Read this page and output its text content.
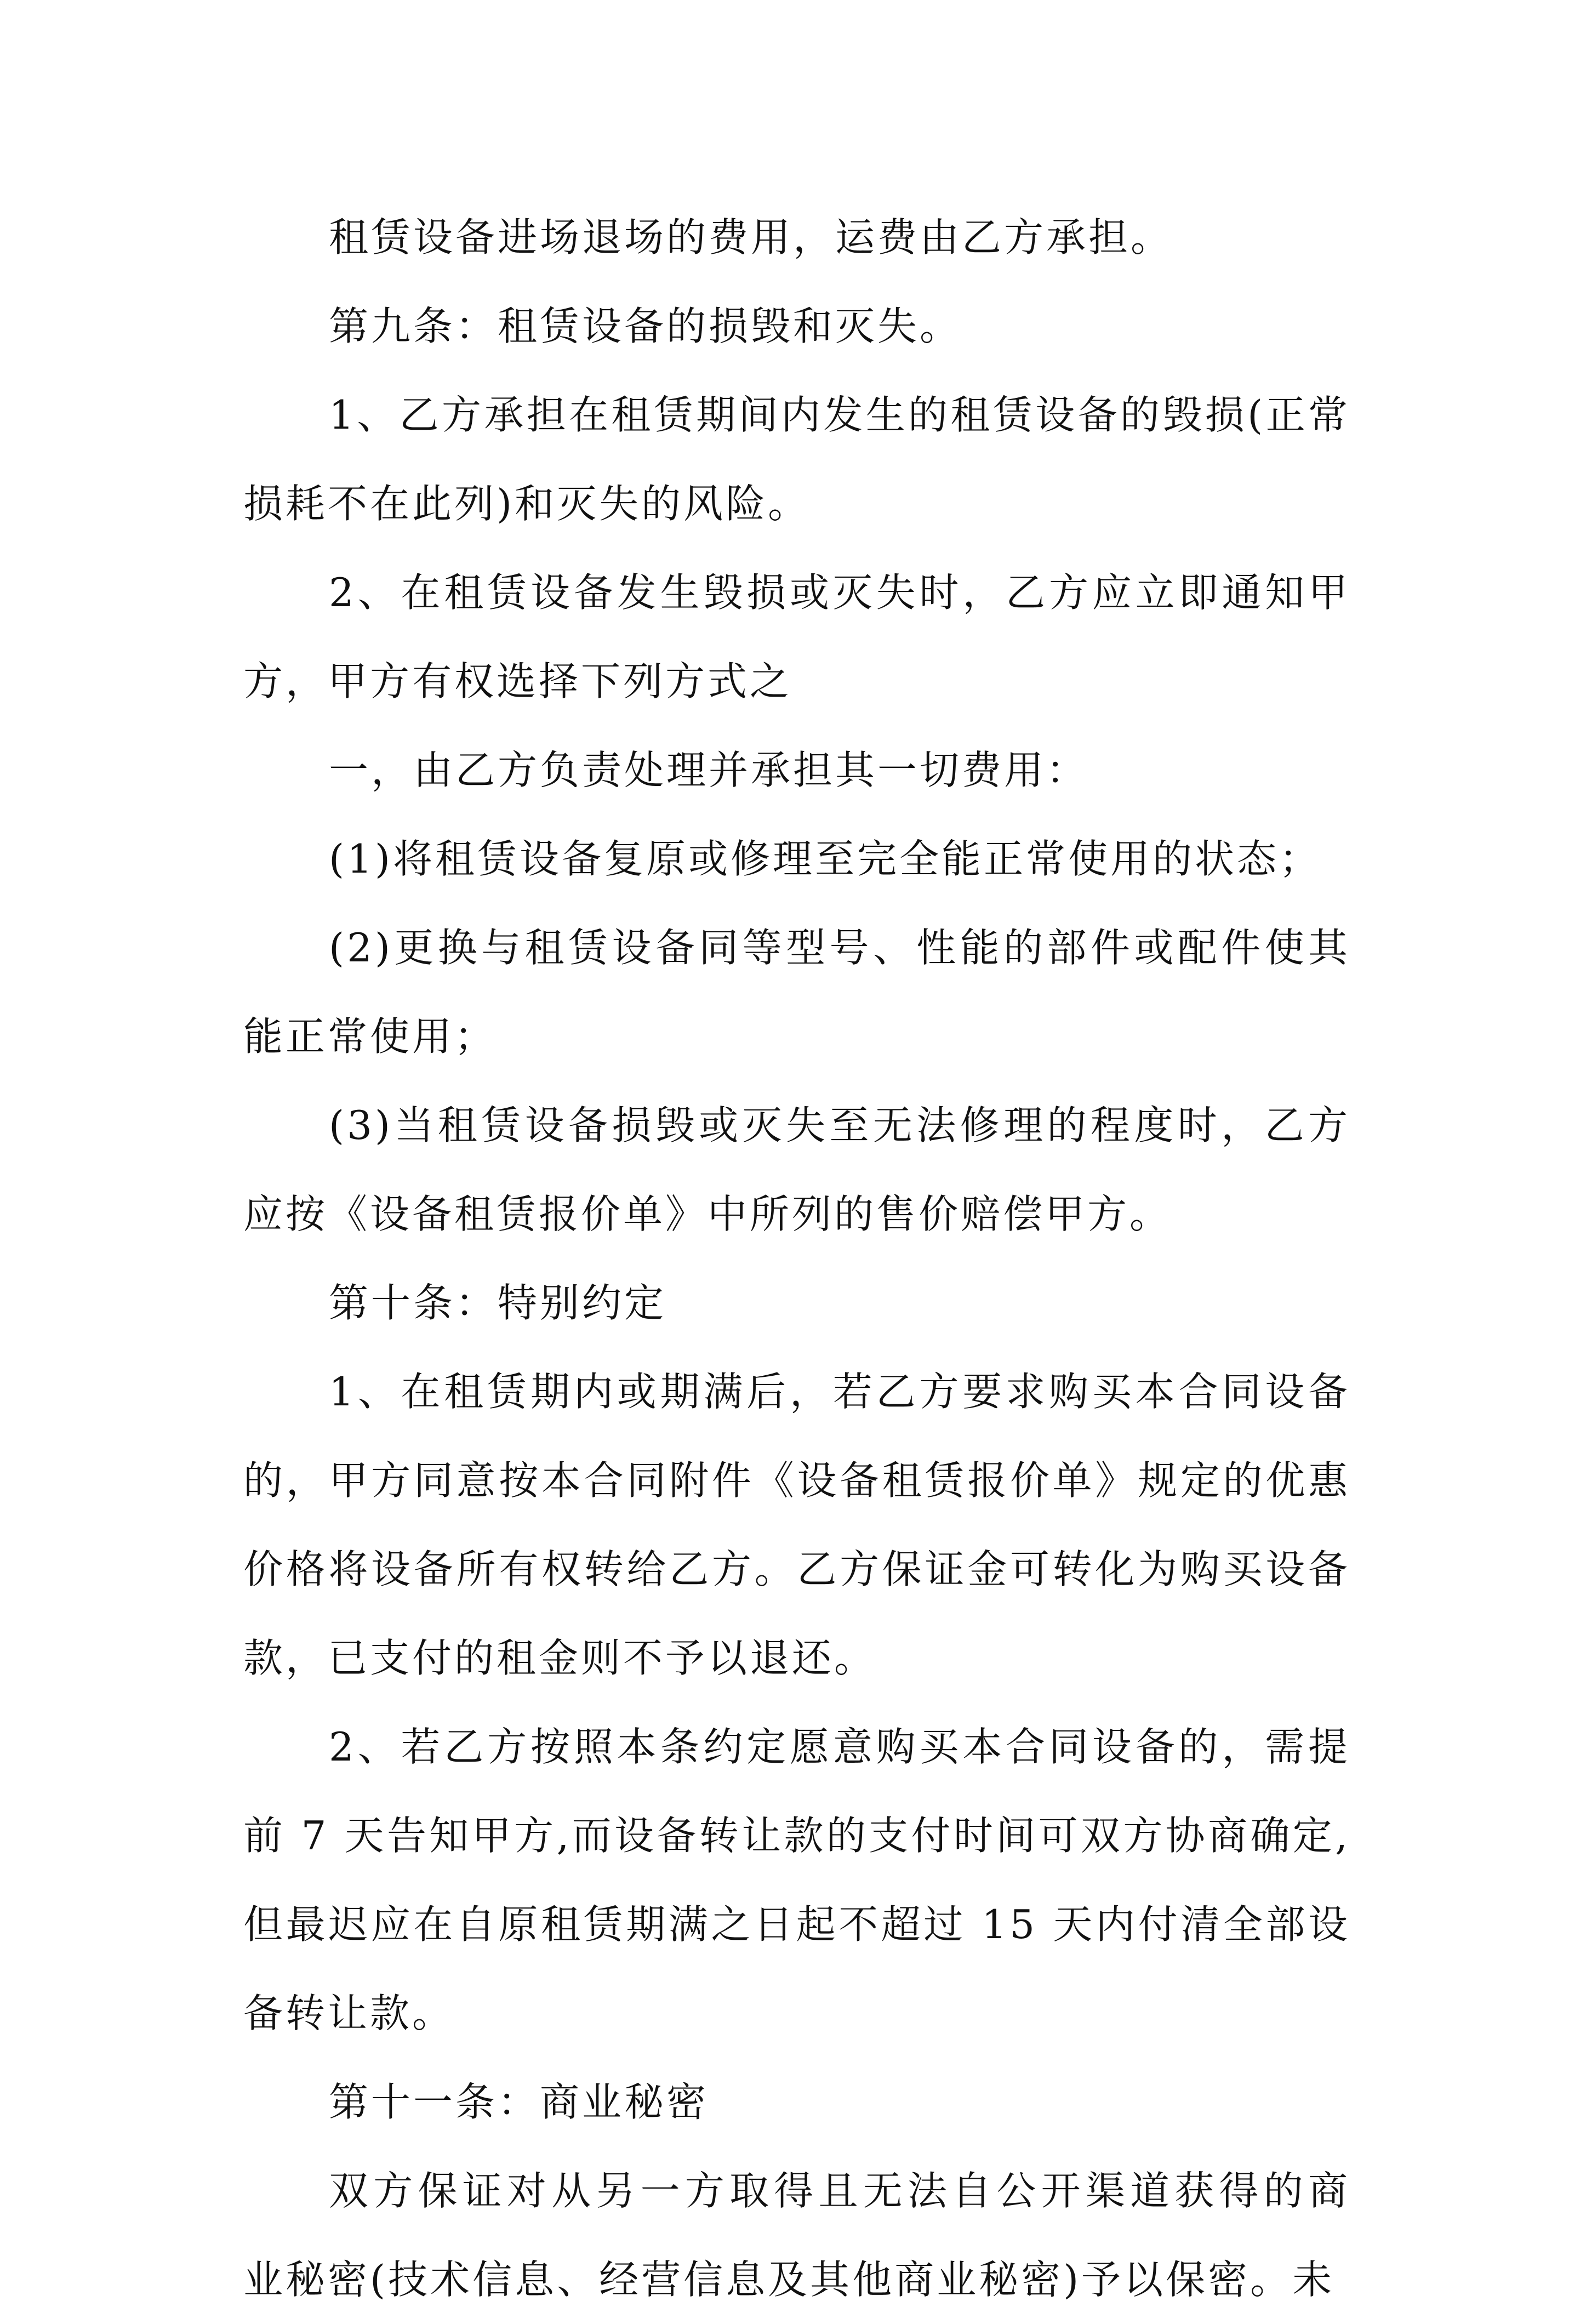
租赁设备进场退场的费用，运费由乙方承担。

第九条：租赁设备的损毁和灭失。

1、乙方承担在租赁期间内发生的租赁设备的毁损(正常
损耗不在此列)和灭失的风险。

2、在租赁设备发生毁损或灭失时，乙方应立即通知甲
方，甲方有权选择下列方式之

一，由乙方负责处理并承担其一切费用：

(1)将租赁设备复原或修理至完全能正常使用的状态；

(2)更换与租赁设备同等型号、性能的部件或配件使其
能正常使用；

(3)当租赁设备损毁或灭失至无法修理的程度时，乙方
应按《设备租赁报价单》中所列的售价赔偿甲方。

第十条：特别约定

1、在租赁期内或期满后，若乙方要求购买本合同设备
的，甲方同意按本合同附件《设备租赁报价单》规定的优惠
价格将设备所有权转给乙方。乙方保证金可转化为购买设备
款，已支付的租金则不予以退还。

2、若乙方按照本条约定愿意购买本合同设备的，需提
前 7 天告知甲方,而设备转让款的支付时间可双方协商确定,
但最迟应在自原租赁期满之日起不超过 15 天内付清全部设
备转让款。

第十一条：商业秘密

双方保证对从另一方取得且无法自公开渠道获得的商
业秘密(技术信息、经营信息及其他商业秘密)予以保密。未
